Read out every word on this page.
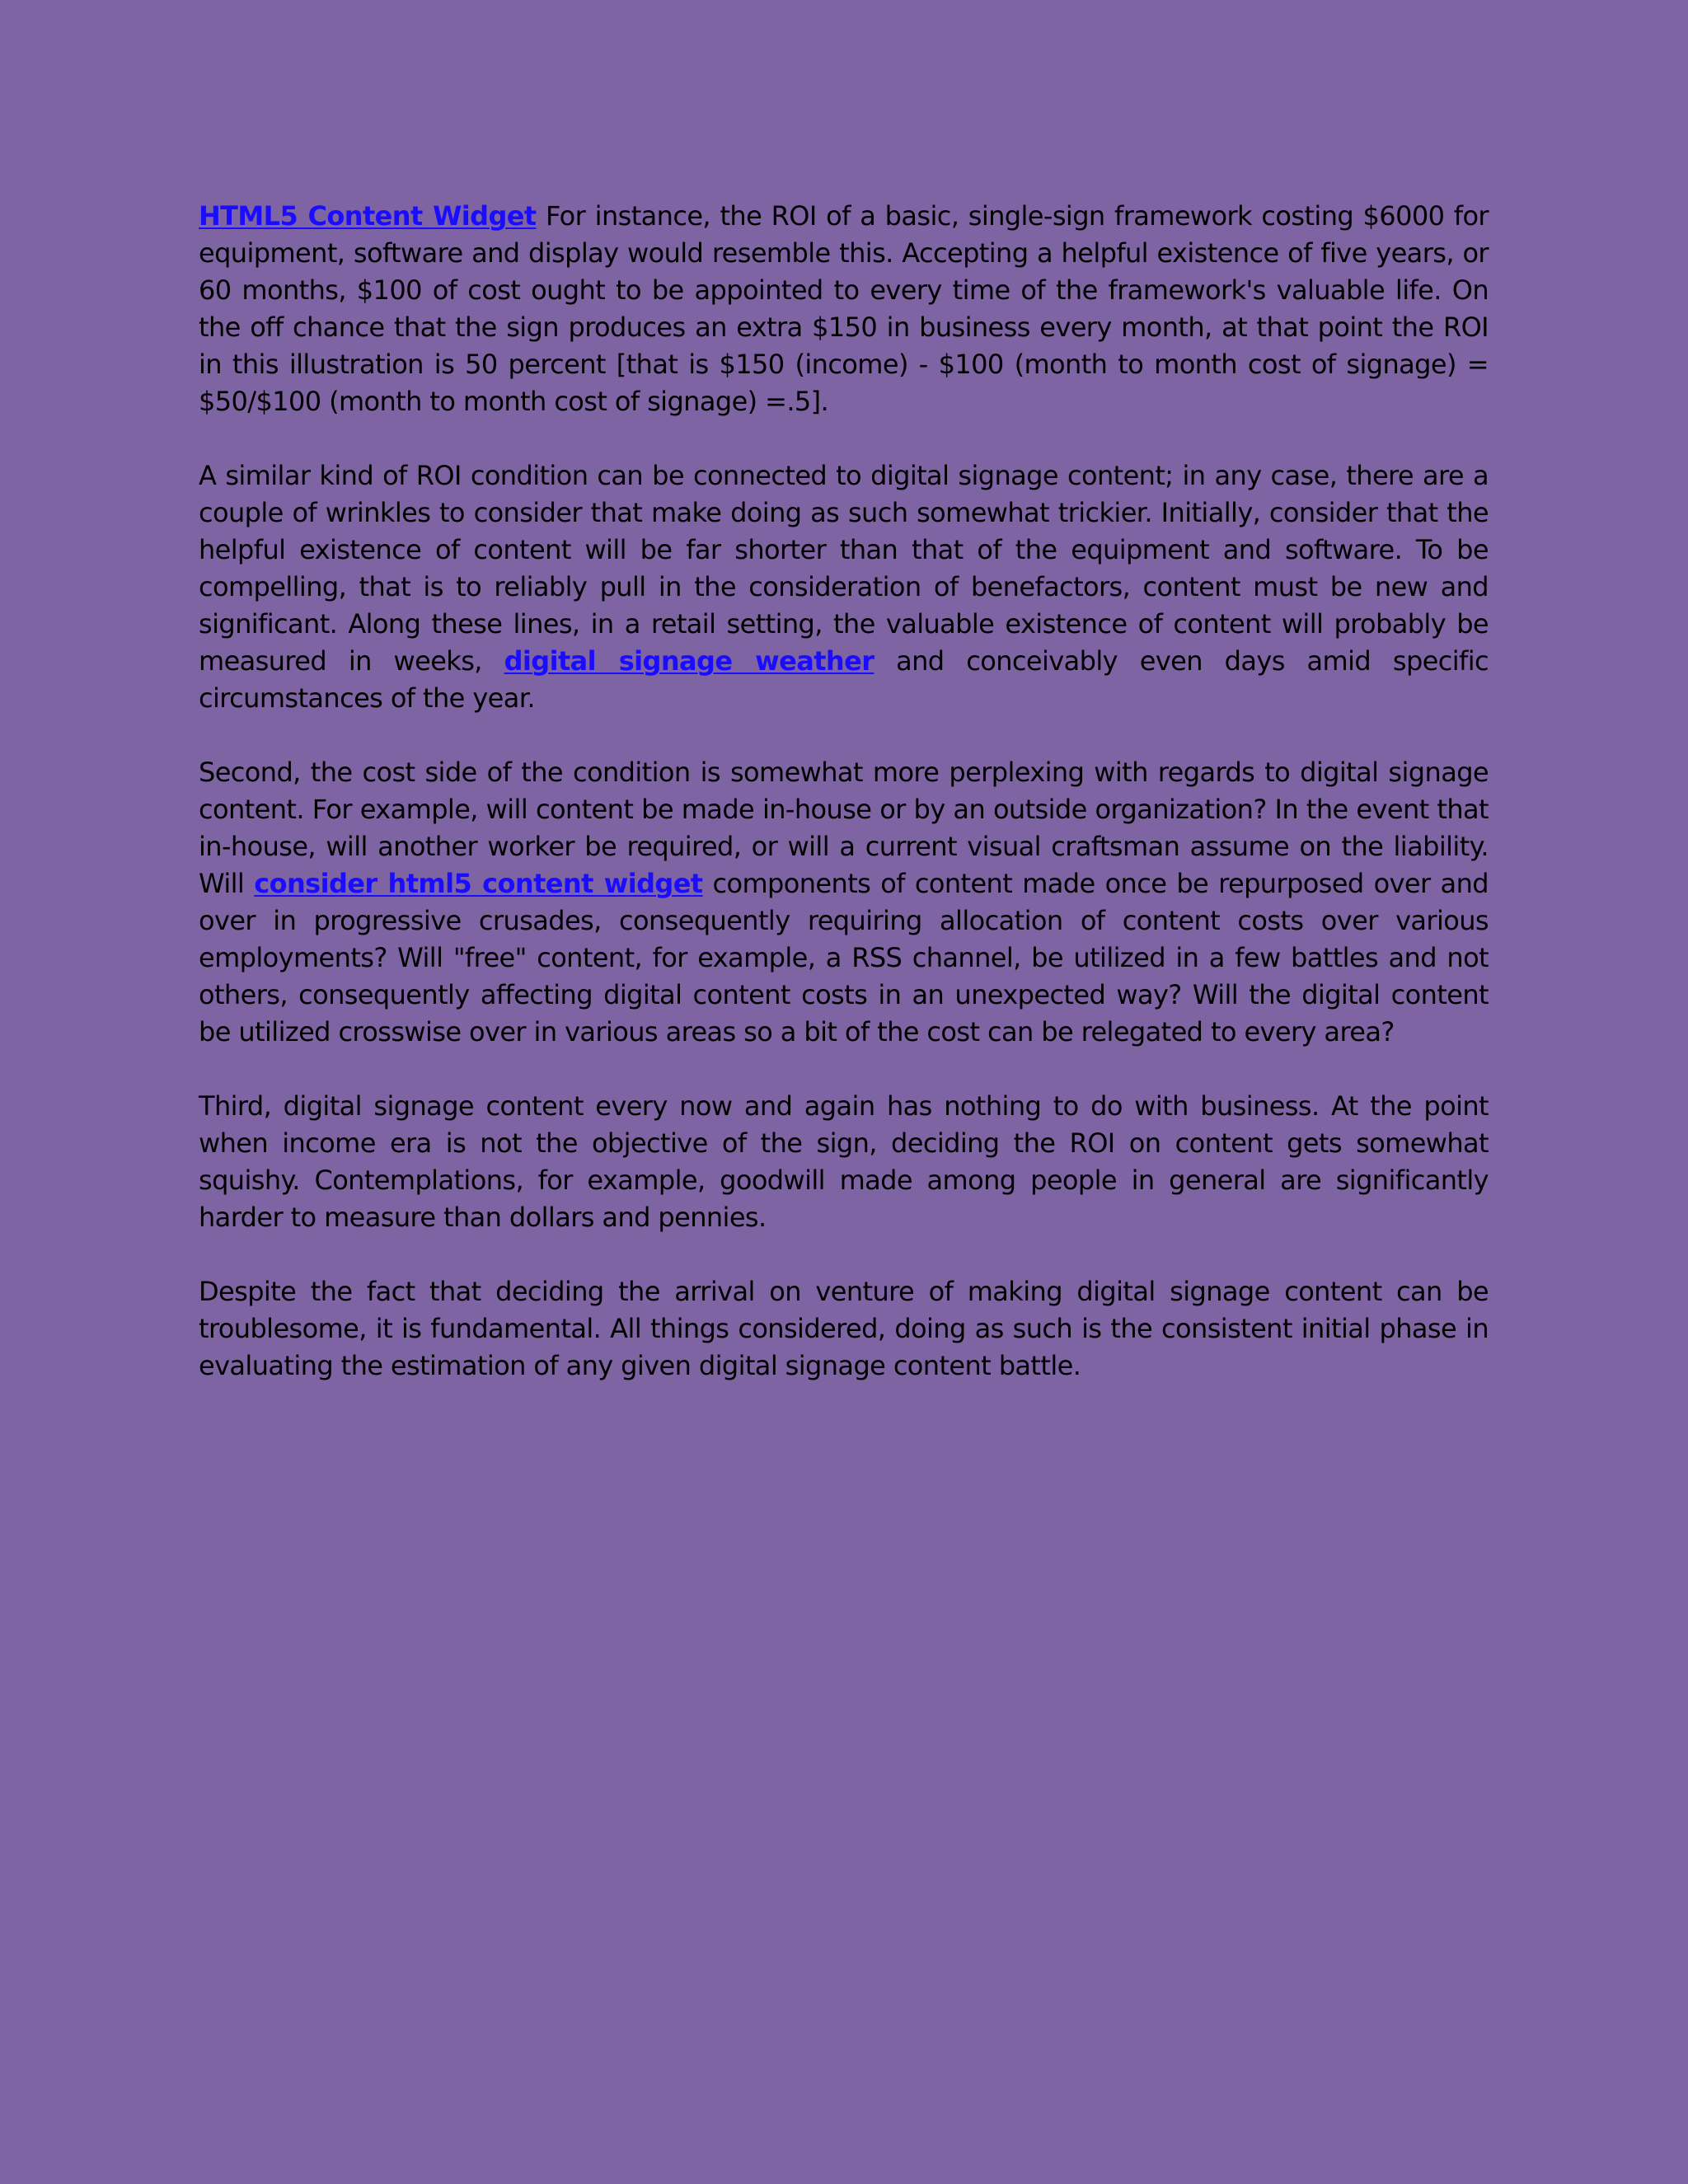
HTML5 Content Widget For instance, the ROI of a basic, single-sign framework costing $6000 for equipment, software and display would resemble this. Accepting a helpful existence of five years, or 60 months, $100 of cost ought to be appointed to every time of the framework's valuable life. On the off chance that the sign produces an extra $150 in business every month, at that point the ROI in this illustration is 50 percent [that is $150 (income) - $100 (month to month cost of signage) = $50/$100 (month to month cost of signage) =.5].

A similar kind of ROI condition can be connected to digital signage content; in any case, there are a couple of wrinkles to consider that make doing as such somewhat trickier. Initially, consider that the helpful existence of content will be far shorter than that of the equipment and software. To be compelling, that is to reliably pull in the consideration of benefactors, content must be new and significant. Along these lines, in a retail setting, the valuable existence of content will probably be measured in weeks, digital signage weather and conceivably even days amid specific circumstances of the year.

Second, the cost side of the condition is somewhat more perplexing with regards to digital signage content. For example, will content be made in-house or by an outside organization? In the event that in-house, will another worker be required, or will a current visual craftsman assume on the liability. Will consider html5 content widget components of content made once be repurposed over and over in progressive crusades, consequently requiring allocation of content costs over various employments? Will "free" content, for example, a RSS channel, be utilized in a few battles and not others, consequently affecting digital content costs in an unexpected way? Will the digital content be utilized crosswise over in various areas so a bit of the cost can be relegated to every area?

Third, digital signage content every now and again has nothing to do with business. At the point when income era is not the objective of the sign, deciding the ROI on content gets somewhat squishy. Contemplations, for example, goodwill made among people in general are significantly harder to measure than dollars and pennies.

Despite the fact that deciding the arrival on venture of making digital signage content can be troublesome, it is fundamental. All things considered, doing as such is the consistent initial phase in evaluating the estimation of any given digital signage content battle.
